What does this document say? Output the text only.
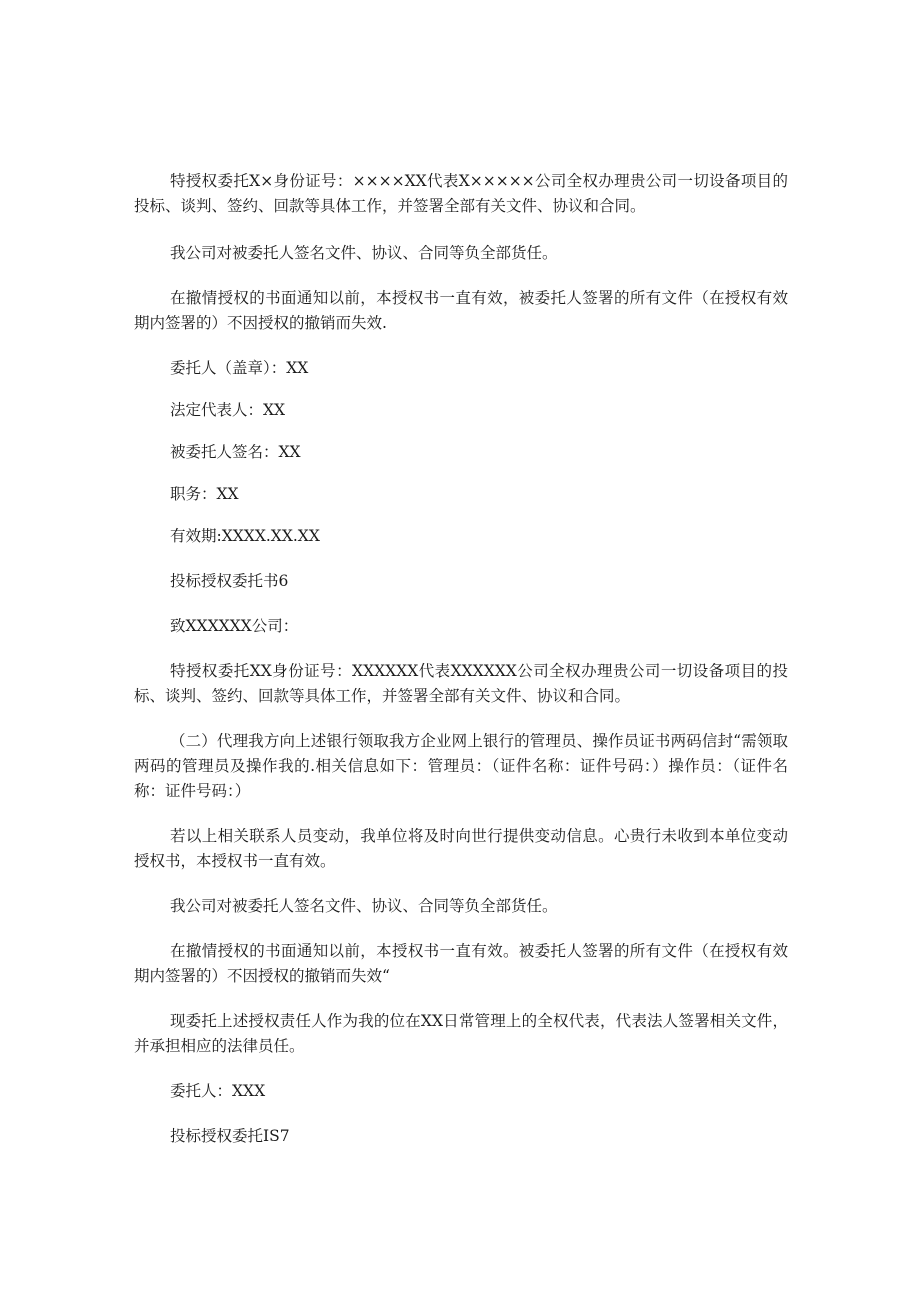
特授权委托X×身份证号：××××XX代表X×××××公司全权办理贵公司一切设备项目的投标、谈判、签约、回款等具体工作，并签署全部有关文件、协议和合同。

我公司对被委托人签名文件、协议、合同等负全部货任。

在撤情授权的书面通知以前，本授权书一直有效，被委托人签署的所有文件（在授权有效期内签署的）不因授权的撤销而失效.

委托人（盖章）：XX

法定代表人：XX

被委托人签名：XX

职务：XX

有效期:XXXX.XX.XX

投标授权委托书6

致XXXXXX公司：

特授权委托XX身份证号：XXXXXX代表XXXXXX公司全权办理贵公司一切设备项目的投标、谈判、签约、回款等具体工作，并签署全部有关文件、协议和合同。

（二）代理我方向上述银行领取我方企业网上银行的管理员、操作员证书两码信封“需领取两码的管理员及操作我的.相关信息如下：管理员：（证件名称：证件号码：）操作员：（证件名称：证件号码：）

若以上相关联系人员变动，我单位将及时向世行提供变动信息。心贵行未收到本单位变动授权书，本授权书一直有效。

我公司对被委托人签名文件、协议、合同等负全部货任。

在撤情授权的书面通知以前，本授权书一直有效。被委托人签署的所有文件（在授权有效期内签署的）不因授权的撤销而失效“

现委托上述授权责任人作为我的位在XX日常管理上的全权代表，代表法人签署相关文件，并承担相应的法律员任。

委托人：XXX

投标授权委托IS7
